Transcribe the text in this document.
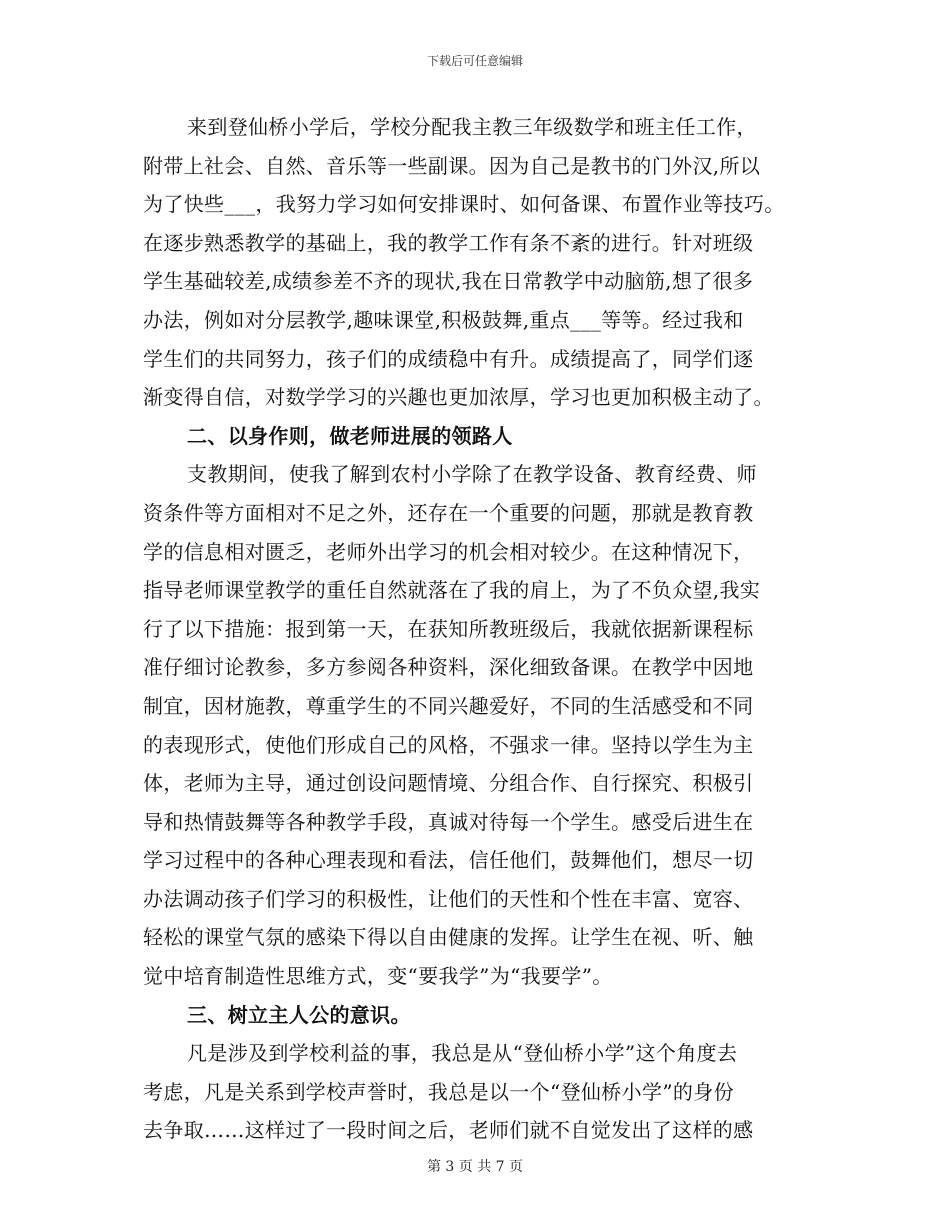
下载后可任意编辑
来到登仙桥小学后，学校分配我主教三年级数学和班主任工作，
附带上社会、自然、音乐等一些副课。因为自己是教书的门外汉,所以
为了快些___，我努力学习如何安排课时、如何备课、布置作业等技巧。
在逐步熟悉教学的基础上，我的教学工作有条不紊的进行。针对班级
学生基础较差,成绩参差不齐的现状,我在日常教学中动脑筋,想了很多
办法，例如对分层教学,趣味课堂,积极鼓舞,重点___等等。经过我和
学生们的共同努力，孩子们的成绩稳中有升。成绩提高了，同学们逐
渐变得自信，对数学学习的兴趣也更加浓厚，学习也更加积极主动了。
二、以身作则，做老师进展的领路人
支教期间，使我了解到农村小学除了在教学设备、教育经费、师
资条件等方面相对不足之外，还存在一个重要的问题，那就是教育教
学的信息相对匮乏，老师外出学习的机会相对较少。在这种情况下，
指导老师课堂教学的重任自然就落在了我的肩上，为了不负众望,我实
行了以下措施：报到第一天，在获知所教班级后，我就依据新课程标
准仔细讨论教参，多方参阅各种资料，深化细致备课。在教学中因地
制宜，因材施教，尊重学生的不同兴趣爱好，不同的生活感受和不同
的表现形式，使他们形成自己的风格，不强求一律。坚持以学生为主
体，老师为主导，通过创设问题情境、分组合作、自行探究、积极引
导和热情鼓舞等各种教学手段，真诚对待每一个学生。感受后进生在
学习过程中的各种心理表现和看法，信任他们，鼓舞他们，想尽一切
办法调动孩子们学习的积极性，让他们的天性和个性在丰富、宽容、
轻松的课堂气氛的感染下得以自由健康的发挥。让学生在视、听、触
觉中培育制造性思维方式，变“要我学”为“我要学”。
三、树立主人公的意识。
凡是涉及到学校利益的事，我总是从“登仙桥小学”这个角度去
考虑，凡是关系到学校声誉时，我总是以一个“登仙桥小学”的身份
去争取……这样过了一段时间之后，老师们就不自觉发出了这样的感
第 3 页 共 7 页
